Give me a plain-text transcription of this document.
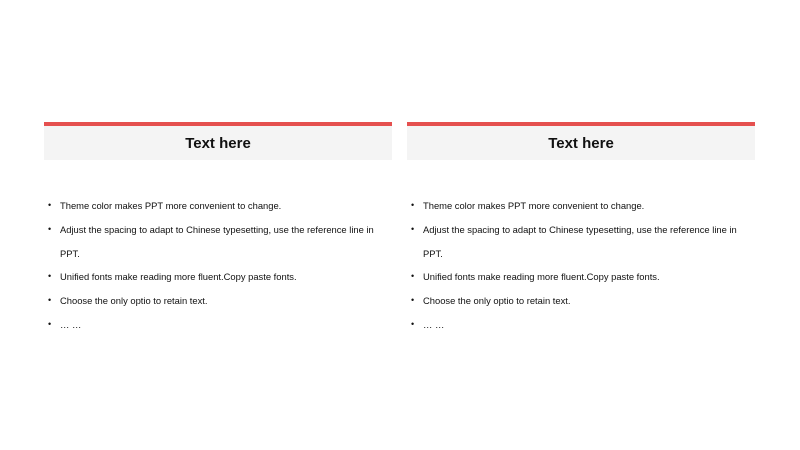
Text here
• Theme color makes PPT more convenient to change.
• Adjust the spacing to adapt to Chinese typesetting, use the reference line in PPT.
• Unified fonts make reading more fluent.Copy paste fonts.
• Choose the only optio to retain text.
• … …
Text here
• Theme color makes PPT more convenient to change.
• Adjust the spacing to adapt to Chinese typesetting, use the reference line in PPT.
• Unified fonts make reading more fluent.Copy paste fonts.
• Choose the only optio to retain text.
• … …
